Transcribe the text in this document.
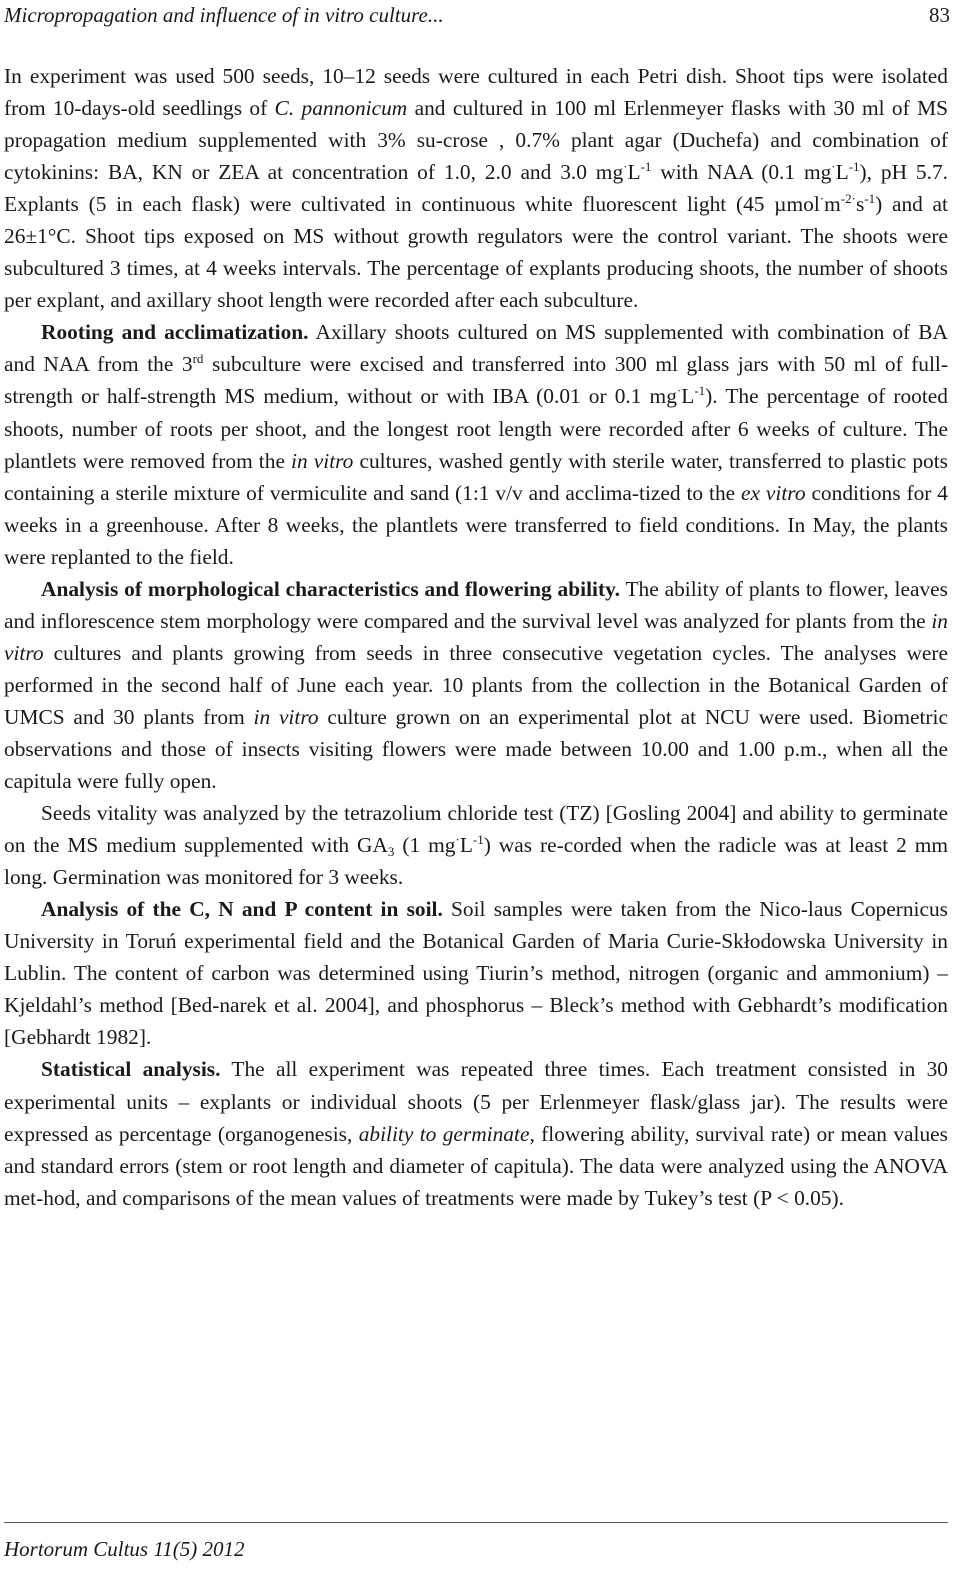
Micropropagation and influence of in vitro culture...	83

In experiment was used 500 seeds, 10–12 seeds were cultured in each Petri dish. Shoot tips were isolated from 10-days-old seedlings of C. pannonicum and cultured in 100 ml Erlenmeyer flasks with 30 ml of MS propagation medium supplemented with 3% su-crose , 0.7% plant agar (Duchefa) and combination of cytokinins: BA, KN or ZEA at concentration of 1.0, 2.0 and 3.0 $mg^\cdot L^{-1}$ with NAA (0.1 $mg^\cdot L^{-1}$), pH 5.7. Explants (5 in each flask) were cultivated in continuous white fluorescent light (45 $\mu mol^\cdot m^{-2\cdot}s^{-1}$) and at 26±1°C. Shoot tips exposed on MS without growth regulators were the control variant. The shoots were subcultured 3 times, at 4 weeks intervals. The percentage of explants producing shoots, the number of shoots per explant, and axillary shoot length were recorded after each subculture.

Rooting and acclimatization. Axillary shoots cultured on MS supplemented with combination of BA and NAA from the 3rd subculture were excised and transferred into 300 ml glass jars with 50 ml of full-strength or half-strength MS medium, without or with IBA (0.01 or 0.1 $mg^\cdot L^{-1}$). The percentage of rooted shoots, number of roots per shoot, and the longest root length were recorded after 6 weeks of culture. The plantlets were removed from the in vitro cultures, washed gently with sterile water, transferred to plastic pots containing a sterile mixture of vermiculite and sand (1:1 v/v and acclima-tized to the ex vitro conditions for 4 weeks in a greenhouse. After 8 weeks, the plantlets were transferred to field conditions. In May, the plants were replanted to the field.

Analysis of morphological characteristics and flowering ability. The ability of plants to flower, leaves and inflorescence stem morphology were compared and the survival level was analyzed for plants from the in vitro cultures and plants growing from seeds in three consecutive vegetation cycles. The analyses were performed in the second half of June each year. 10 plants from the collection in the Botanical Garden of UMCS and 30 plants from in vitro culture grown on an experimental plot at NCU were used. Biometric observations and those of insects visiting flowers were made between 10.00 and 1.00 p.m., when all the capitula were fully open.

Seeds vitality was analyzed by the tetrazolium chloride test (TZ) [Gosling 2004] and ability to germinate on the MS medium supplemented with $GA_3$ (1 $mg^\cdot L^{-1}$) was re-corded when the radicle was at least 2 mm long. Germination was monitored for 3 weeks.

Analysis of the C, N and P content in soil. Soil samples were taken from the Nico-laus Copernicus University in Toruń experimental field and the Botanical Garden of Maria Curie-Skłodowska University in Lublin. The content of carbon was determined using Tiurin’s method, nitrogen (organic and ammonium) – Kjeldahl’s method [Bed-narek et al. 2004], and phosphorus – Bleck’s method with Gebhardt’s modification [Gebhardt 1982].

Statistical analysis. The all experiment was repeated three times. Each treatment consisted in 30 experimental units – explants or individual shoots (5 per Erlenmeyer flask/glass jar). The results were expressed as percentage (organogenesis, ability to germinate, flowering ability, survival rate) or mean values and standard errors (stem or root length and diameter of capitula). The data were analyzed using the ANOVA met-hod, and comparisons of the mean values of treatments were made by Tukey’s test (P < 0.05).

Hortorum Cultus 11(5) 2012
